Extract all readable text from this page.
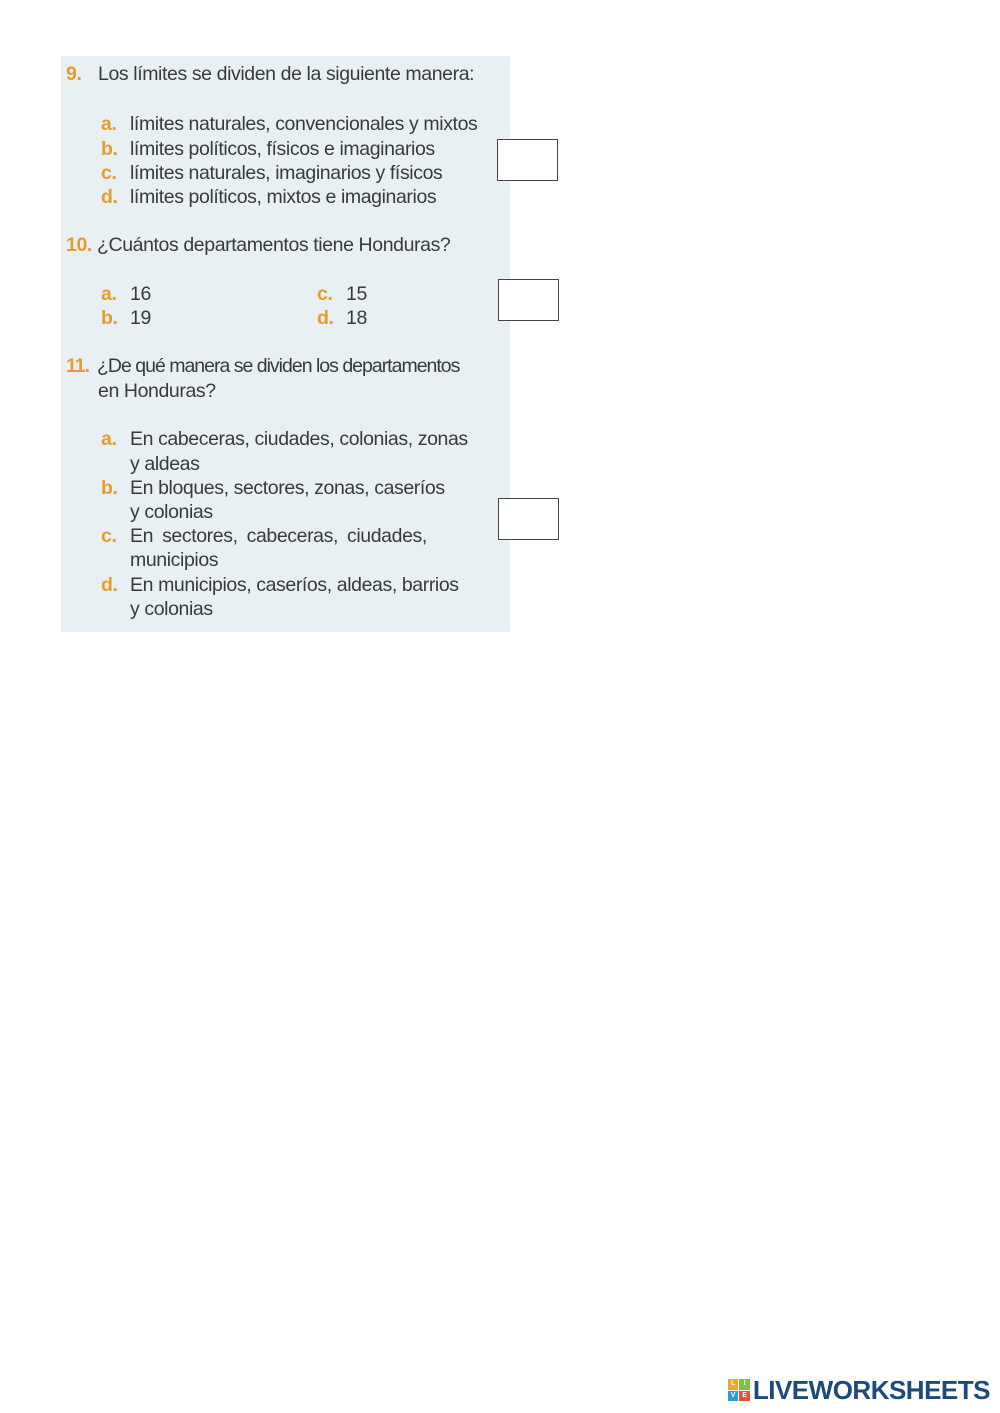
9. Los límites se dividen de la siguiente manera:
a. límites naturales, convencionales y mixtos
b. límites políticos, físicos e imaginarios
c. límites naturales, imaginarios y físicos
d. límites políticos, mixtos e imaginarios
10. ¿Cuántos departamentos tiene Honduras?
a. 16
b. 19
c. 15
d. 18
11. ¿De qué manera se dividen los departamentos
en Honduras?
a. En cabeceras, ciudades, colonias, zonas
y aldeas
b. En bloques, sectores, zonas, caseríos
y colonias
c. En sectores, cabeceras, ciudades,
municipios
d. En municipios, caseríos, aldeas, barrios
y colonias
L	I
V E LIVEWORKSHEETS
